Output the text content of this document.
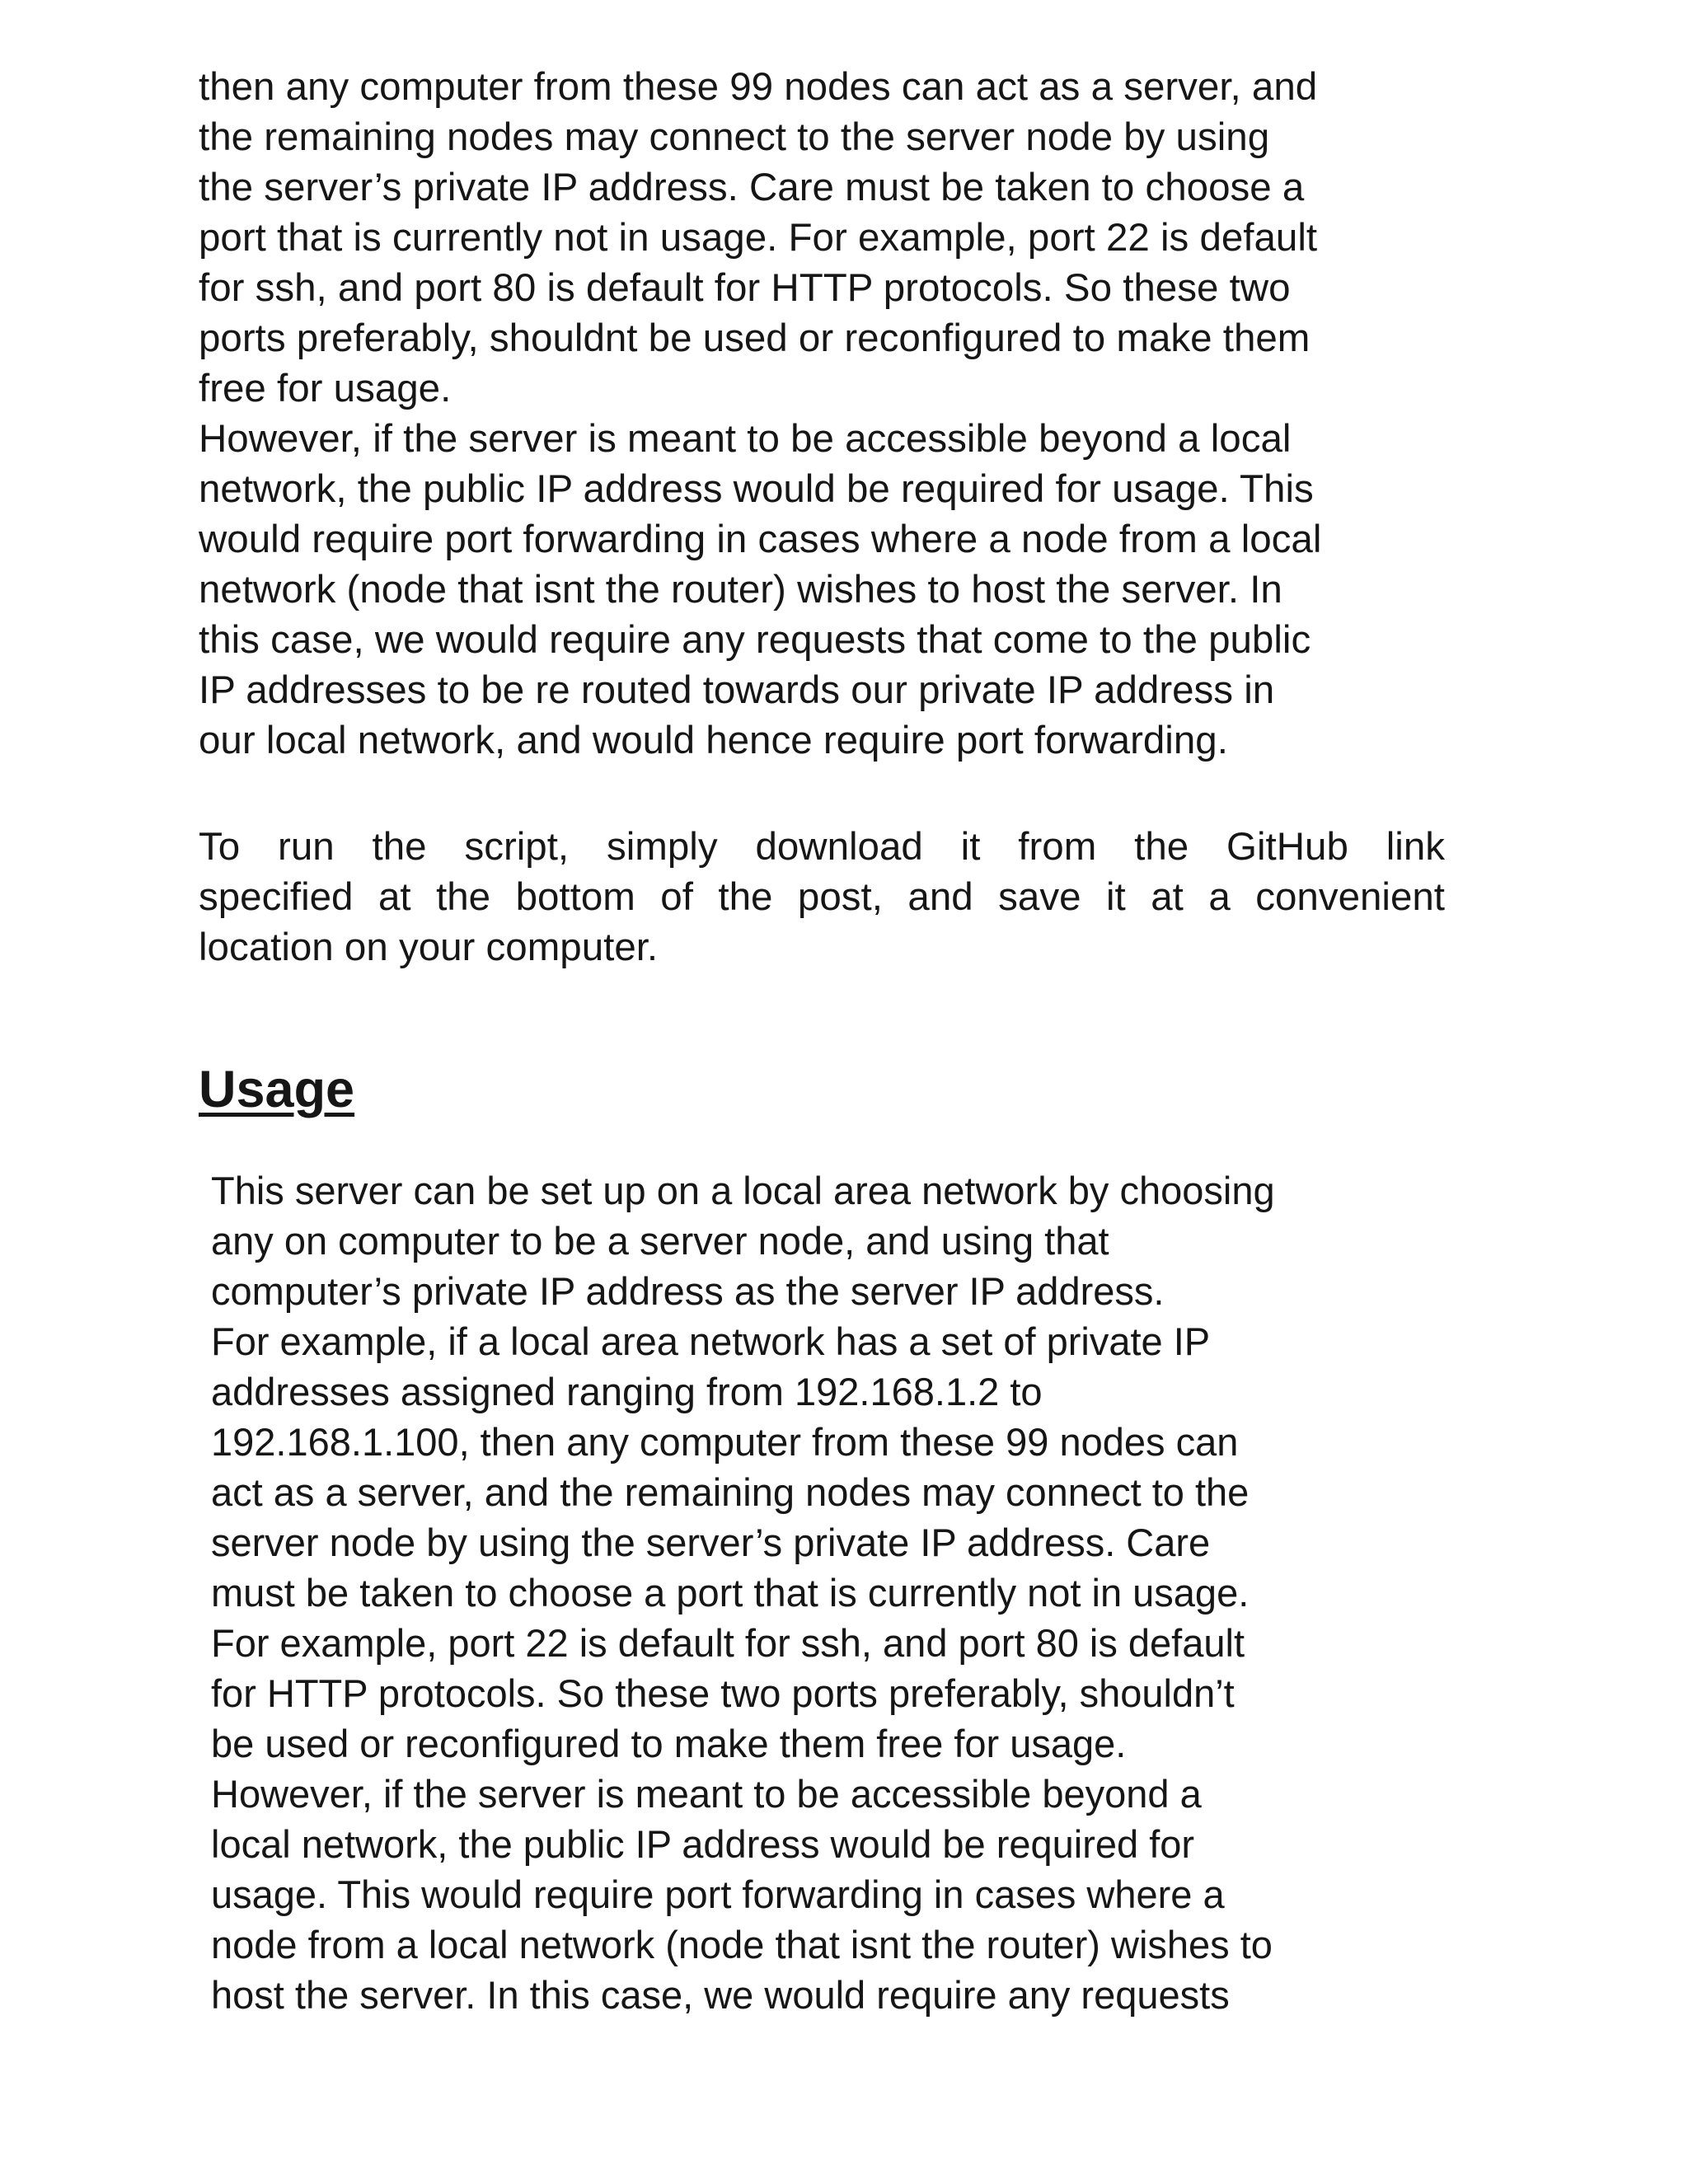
then any computer from these 99 nodes can act as a server, and
the remaining nodes may connect to the server node by using
the server’s private IP address. Care must be taken to choose a
port that is currently not in usage. For example, port 22 is default
for ssh, and port 80 is default for HTTP protocols. So these two
ports preferably, shouldnt be used or reconfigured to make them
free for usage.
However, if the server is meant to be accessible beyond a local
network, the public IP address would be required for usage. This
would require port forwarding in cases where a node from a local
network (node that isnt the router) wishes to host the server. In
this case, we would require any requests that come to the public
IP addresses to be re routed towards our private IP address in
our local network, and would hence require port forwarding.
To run the script, simply download it from the GitHub link
specified at the bottom of the post, and save it at a convenient
location on your computer.
Usage
This server can be set up on a local area network by choosing
any on computer to be a server node, and using that
computer’s private IP address as the server IP address.
For example, if a local area network has a set of private IP
addresses assigned ranging from 192.168.1.2 to
192.168.1.100, then any computer from these 99 nodes can
act as a server, and the remaining nodes may connect to the
server node by using the server’s private IP address. Care
must be taken to choose a port that is currently not in usage.
For example, port 22 is default for ssh, and port 80 is default
for HTTP protocols. So these two ports preferably, shouldn’t
be used or reconfigured to make them free for usage.
However, if the server is meant to be accessible beyond a
local network, the public IP address would be required for
usage. This would require port forwarding in cases where a
node from a local network (node that isnt the router) wishes to
host the server. In this case, we would require any requests
